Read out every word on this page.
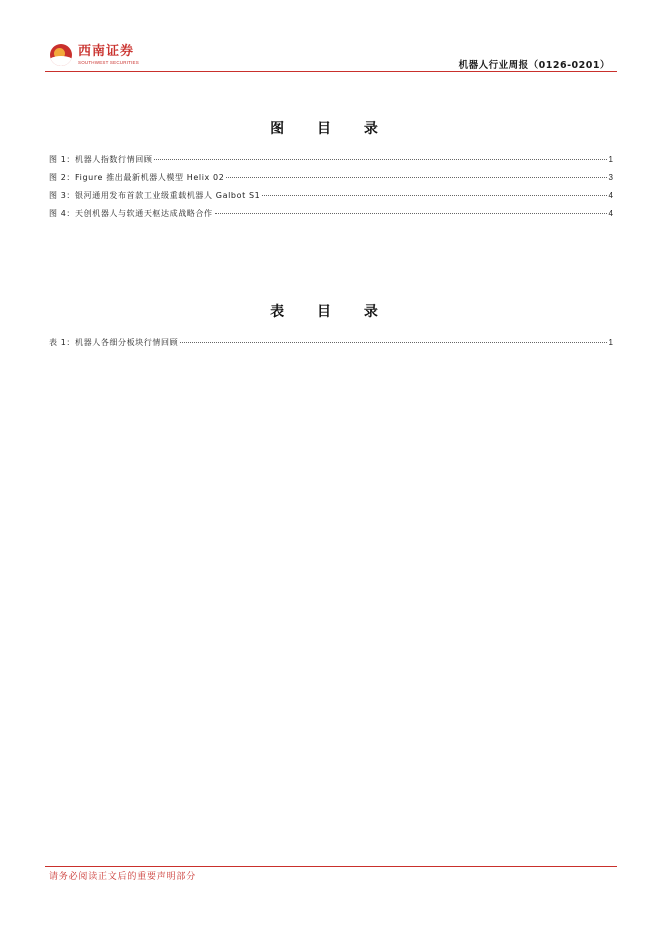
西南证券
SOUTHWEST SECURITIES	机器人行业周报（0126-0201）
图 目 录
图 1：机器人指数行情回顾	1
图 2：Figure 推出最新机器人模型 Helix 02	3
图 3：银河通用发布首款工业级重载机器人 Galbot S1	4
图 4：天创机器人与软通天枢达成战略合作	4
表 目 录
表 1：机器人各细分板块行情回顾	1
请务必阅读正文后的重要声明部分
